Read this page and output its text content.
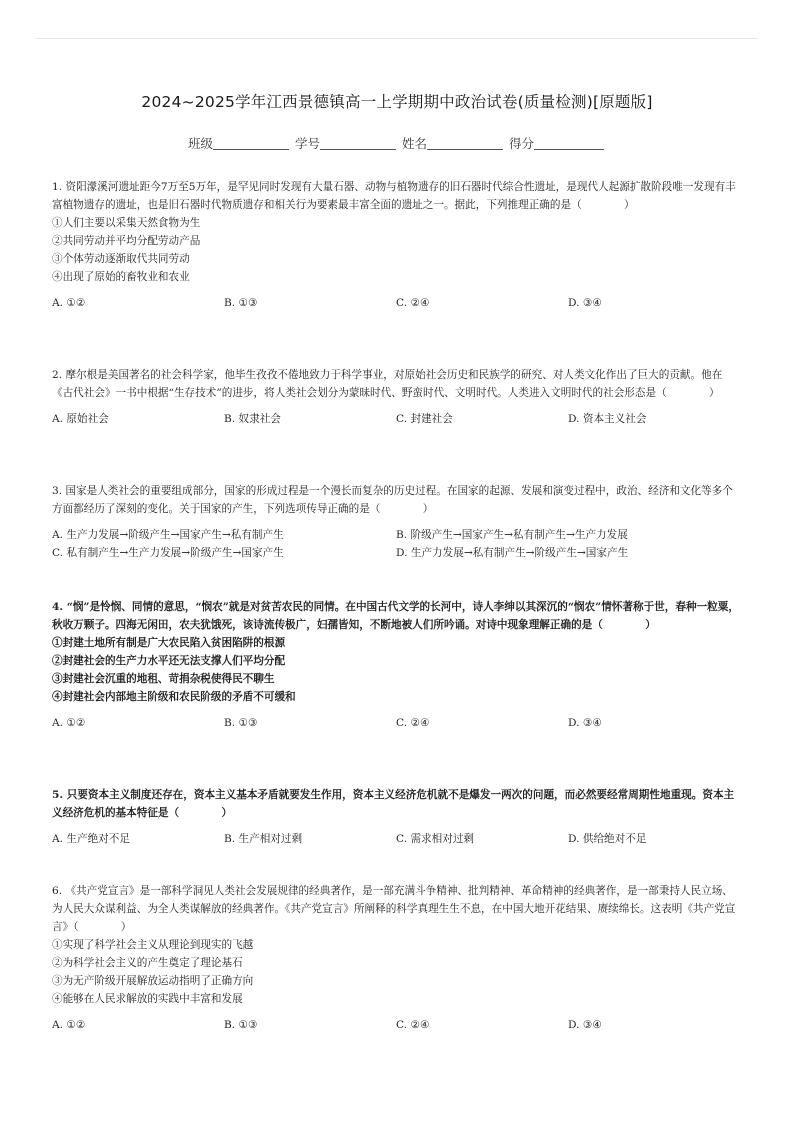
2024~2025学年江西景德镇高一上学期期中政治试卷(质量检测)[原题版]
班级	学号	姓名	得分

1. 资阳濛溪河遗址距今7万至5万年，是罕见同时发现有大量石器、动物与植物遗存的旧石器时代综合性遗址，是现代人起源扩散阶段唯一发现有丰富植物遗存的遗址，也是旧石器时代物质遗存和相关行为要素最丰富全面的遗址之一。据此，下列推理正确的是（　　　　）

①人们主要以采集天然食物为生

②共同劳动并平均分配劳动产品

③个体劳动逐渐取代共同劳动

④出现了原始的畜牧业和农业

A. ①②	B. ①③	C. ②④	D. ③④

2. 摩尔根是美国著名的社会科学家，他毕生孜孜不倦地致力于科学事业，对原始社会历史和民族学的研究、对人类文化作出了巨大的贡献。他在《古代社会》一书中根据“生存技术”的进步，将人类社会划分为蒙昧时代、野蛮时代、文明时代。人类进入文明时代的社会形态是（　　　　）

A. 原始社会	B. 奴隶社会	C. 封建社会	D. 资本主义社会

3. 国家是人类社会的重要组成部分，国家的形成过程是一个漫长而复杂的历史过程。在国家的起源、发展和演变过程中，政治、经济和文化等多个方面都经历了深刻的变化。关于国家的产生，下列选项传导正确的是（　　　　）

A. 生产力发展→阶级产生→国家产生→私有制产生	B. 阶级产生→国家产生→私有制产生→生产力发展
C. 私有制产生→生产力发展→阶级产生→国家产生	D. 生产力发展→私有制产生→阶级产生→国家产生

4. “悯”是怜悯、同情的意思，“悯农”就是对贫苦农民的同情。在中国古代文学的长河中，诗人李绅以其深沉的“悯农”情怀著称于世，春种一粒粟，秋收万颗子。四海无闲田，农夫犹饿死，该诗流传极广，妇孺皆知，不断地被人们所吟诵。对诗中现象理解正确的是（　　　　）

①封建土地所有制是广大农民陷入贫困陷阱的根源

②封建社会的生产力水平还无法支撑人们平均分配

③封建社会沉重的地租、苛捐杂税使得民不聊生

④封建社会内部地主阶级和农民阶级的矛盾不可缓和

A. ①②	B. ①③	C. ②④	D. ③④

5. 只要资本主义制度还存在，资本主义基本矛盾就要发生作用，资本主义经济危机就不是爆发一两次的问题，而必然要经常周期性地重现。资本主义经济危机的基本特征是（　　　　）

A. 生产绝对不足	B. 生产相对过剩	C. 需求相对过剩	D. 供给绝对不足

6. 《共产党宣言》是一部科学洞见人类社会发展规律的经典著作，是一部充满斗争精神、批判精神、革命精神的经典著作，是一部秉持人民立场、为人民大众谋利益、为全人类谋解放的经典著作。《共产党宣言》所阐释的科学真理生生不息，在中国大地开花结果、赓续绵长。这表明《共产党宣言》（　　　　）

①实现了科学社会主义从理论到现实的飞越

②为科学社会主义的产生奠定了理论基石

③为无产阶级开展解放运动指明了正确方向

④能够在人民求解放的实践中丰富和发展

A. ①②	B. ①③	C. ②④	D. ③④
